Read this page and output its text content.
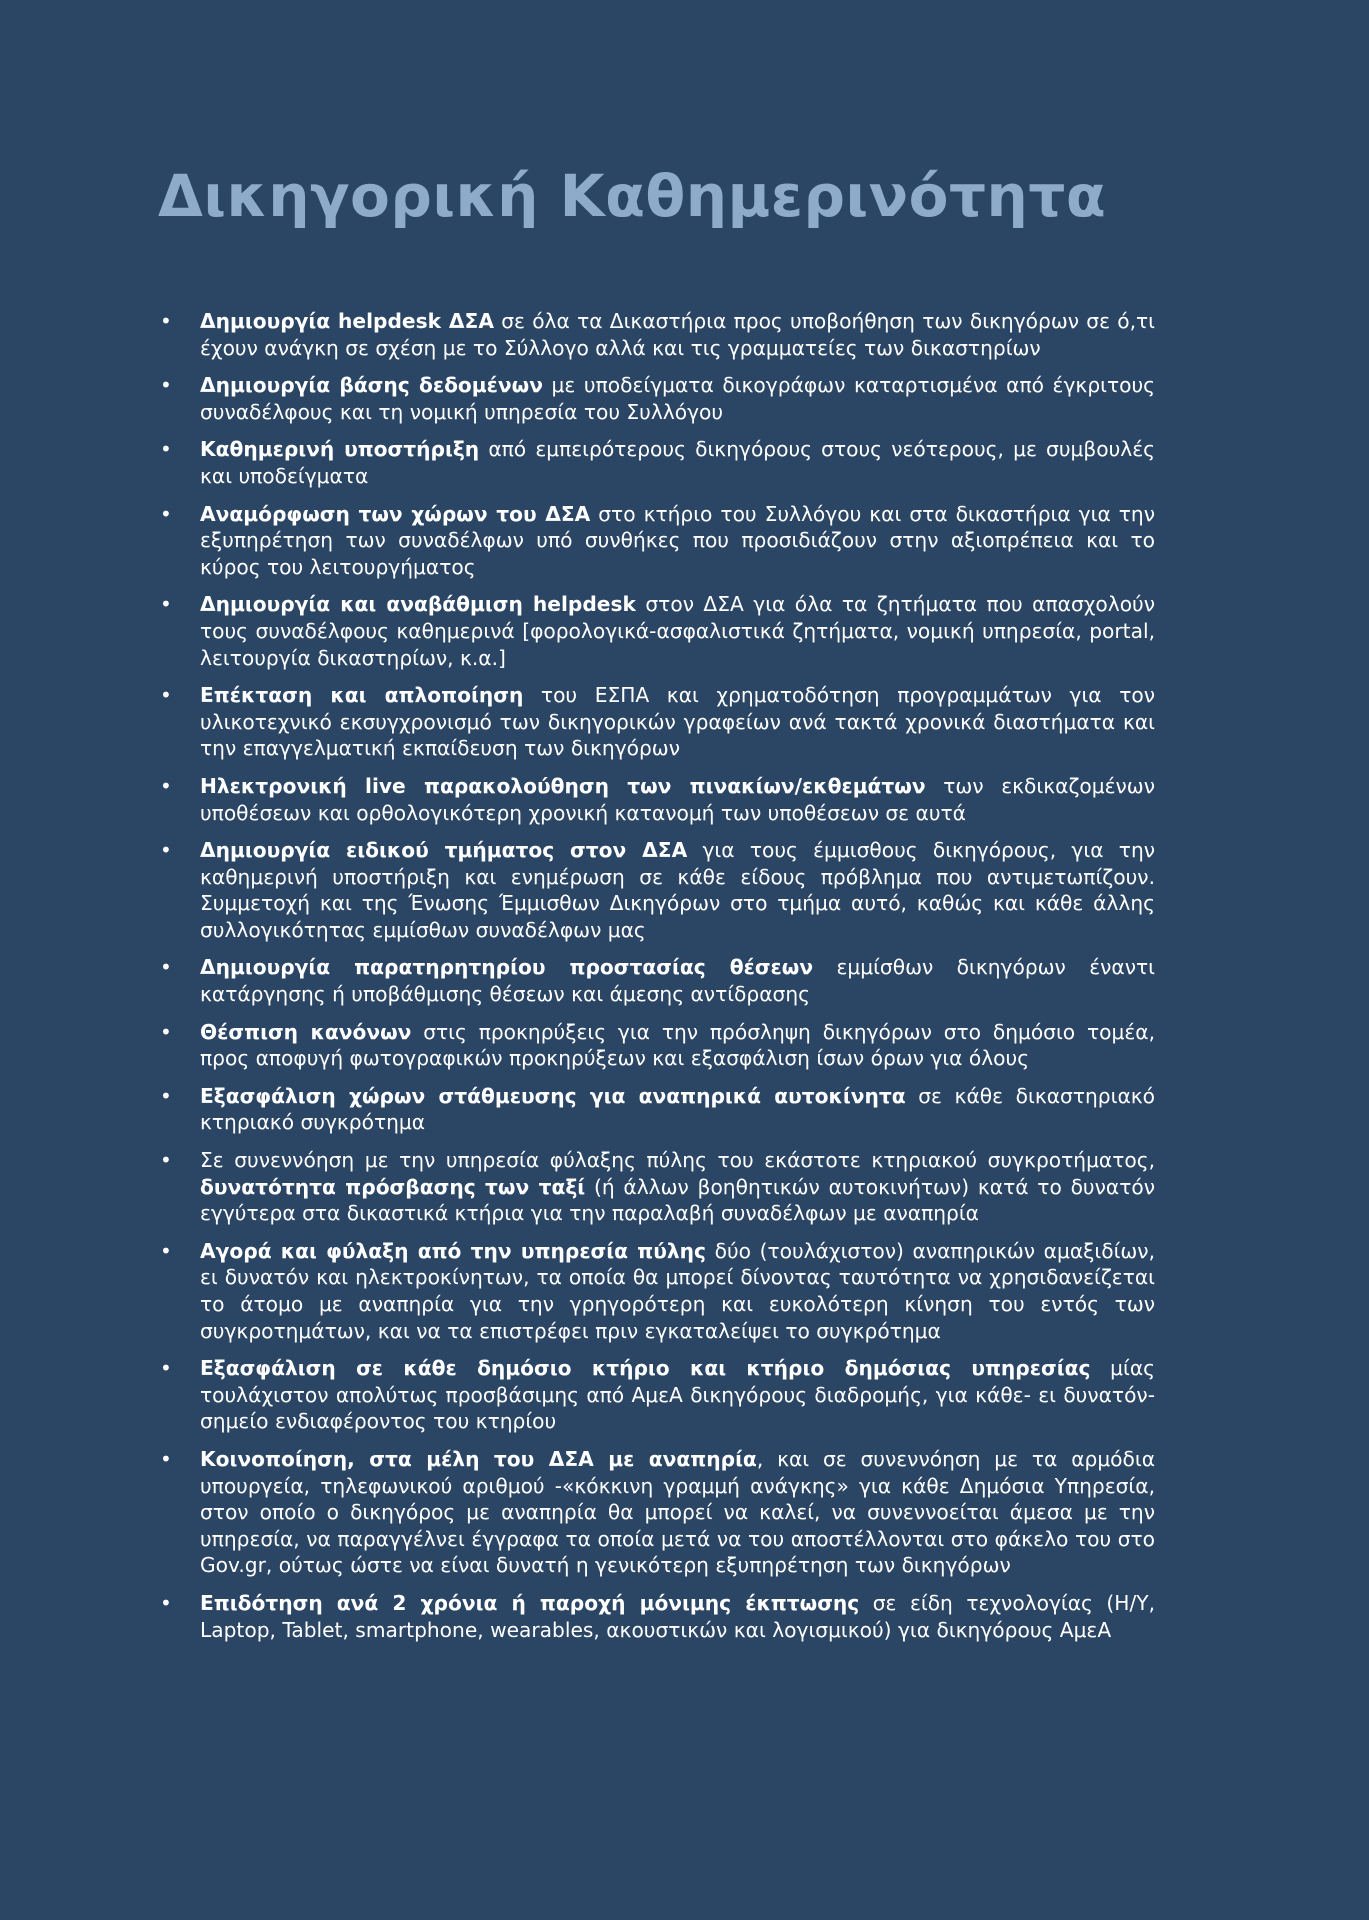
Δικηγορική Καθημερινότητα
• Δημιουργία helpdesk ΔΣΑ σε όλα τα Δικαστήρια προς υποβοήθηση των δικηγόρων σε ό,τι έχουν ανάγκη σε σχέση με το Σύλλογο αλλά και τις γραμματείες των δικαστηρίων
• Δημιουργία βάσης δεδομένων με υποδείγματα δικογράφων καταρτισμένα από έγκριτους συναδέλφους και τη νομική υπηρεσία του Συλλόγου
• Καθημερινή υποστήριξη από εμπειρότερους δικηγόρους στους νεότερους, με συμβουλές και υποδείγματα
• Αναμόρφωση των χώρων του ΔΣΑ στο κτήριο του Συλλόγου και στα δικαστήρια για την εξυπηρέτηση των συναδέλφων υπό συνθήκες που προσιδιάζουν στην αξιοπρέπεια και το κύρος του λειτουργήματος
• Δημιουργία και αναβάθμιση helpdesk στον ΔΣΑ για όλα τα ζητήματα που απασχολούν τους συναδέλφους καθημερινά [φορολογικά-ασφαλιστικά ζητήματα, νομική υπηρεσία, portal, λειτουργία δικαστηρίων, κ.α.]
• Επέκταση και απλοποίηση του ΕΣΠΑ και χρηματοδότηση προγραμμάτων για τον υλικοτεχνικό εκσυγχρονισμό των δικηγορικών γραφείων ανά τακτά χρονικά διαστήματα και την επαγγελματική εκπαίδευση των δικηγόρων
• Ηλεκτρονική live παρακολούθηση των πινακίων/εκθεμάτων των εκδικαζομένων υποθέσεων και ορθολογικότερη χρονική κατανομή των υποθέσεων σε αυτά
• Δημιουργία ειδικού τμήματος στον ΔΣΑ για τους έμμισθους δικηγόρους, για την καθημερινή υποστήριξη και ενημέρωση σε κάθε είδους πρόβλημα που αντιμετωπίζουν. Συμμετοχή και της Ένωσης Έμμισθων Δικηγόρων στο τμήμα αυτό, καθώς και κάθε άλλης συλλογικότητας εμμίσθων συναδέλφων μας
• Δημιουργία παρατηρητηρίου προστασίας θέσεων εμμίσθων δικηγόρων έναντι κατάργησης ή υποβάθμισης θέσεων και άμεσης αντίδρασης
• Θέσπιση κανόνων στις προκηρύξεις για την πρόσληψη δικηγόρων στο δημόσιο τομέα, προς αποφυγή φωτογραφικών προκηρύξεων και εξασφάλιση ίσων όρων για όλους
• Εξασφάλιση χώρων στάθμευσης για αναπηρικά αυτοκίνητα σε κάθε δικαστηριακό κτηριακό συγκρότημα
• Σε συνεννόηση με την υπηρεσία φύλαξης πύλης του εκάστοτε κτηριακού συγκροτήματος, δυνατότητα πρόσβασης των ταξί (ή άλλων βοηθητικών αυτοκινήτων) κατά το δυνατόν εγγύτερα στα δικαστικά κτήρια για την παραλαβή συναδέλφων με αναπηρία
• Αγορά και φύλαξη από την υπηρεσία πύλης δύο (τουλάχιστον) αναπηρικών αμαξιδίων, ει δυνατόν και ηλεκτροκίνητων, τα οποία θα μπορεί δίνοντας ταυτότητα να χρησιδανείζεται το άτομο με αναπηρία για την γρηγορότερη και ευκολότερη κίνηση του εντός των συγκροτημάτων, και να τα επιστρέφει πριν εγκαταλείψει το συγκρότημα
• Εξασφάλιση σε κάθε δημόσιο κτήριο και κτήριο δημόσιας υπηρεσίας μίας τουλάχιστον απολύτως προσβάσιμης από ΑμεΑ δικηγόρους διαδρομής, για κάθε- ει δυνατόν- σημείο ενδιαφέροντος του κτηρίου
• Κοινοποίηση, στα μέλη του ΔΣΑ με αναπηρία, και σε συνεννόηση με τα αρμόδια υπουργεία, τηλεφωνικού αριθμού -«κόκκινη γραμμή ανάγκης» για κάθε Δημόσια Υπηρεσία, στον οποίο ο δικηγόρος με αναπηρία θα μπορεί να καλεί, να συνεννοείται άμεσα με την υπηρεσία, να παραγγέλνει έγγραφα τα οποία μετά να του αποστέλλονται στο φάκελο του στο Gov.gr, ούτως ώστε να είναι δυνατή η γενικότερη εξυπηρέτηση των δικηγόρων
• Επιδότηση ανά 2 χρόνια ή παροχή μόνιμης έκπτωσης σε είδη τεχνολογίας (Η/Υ, Laptop, Tablet, smartphone, wearables, ακουστικών και λογισμικού) για δικηγόρους ΑμεΑ
